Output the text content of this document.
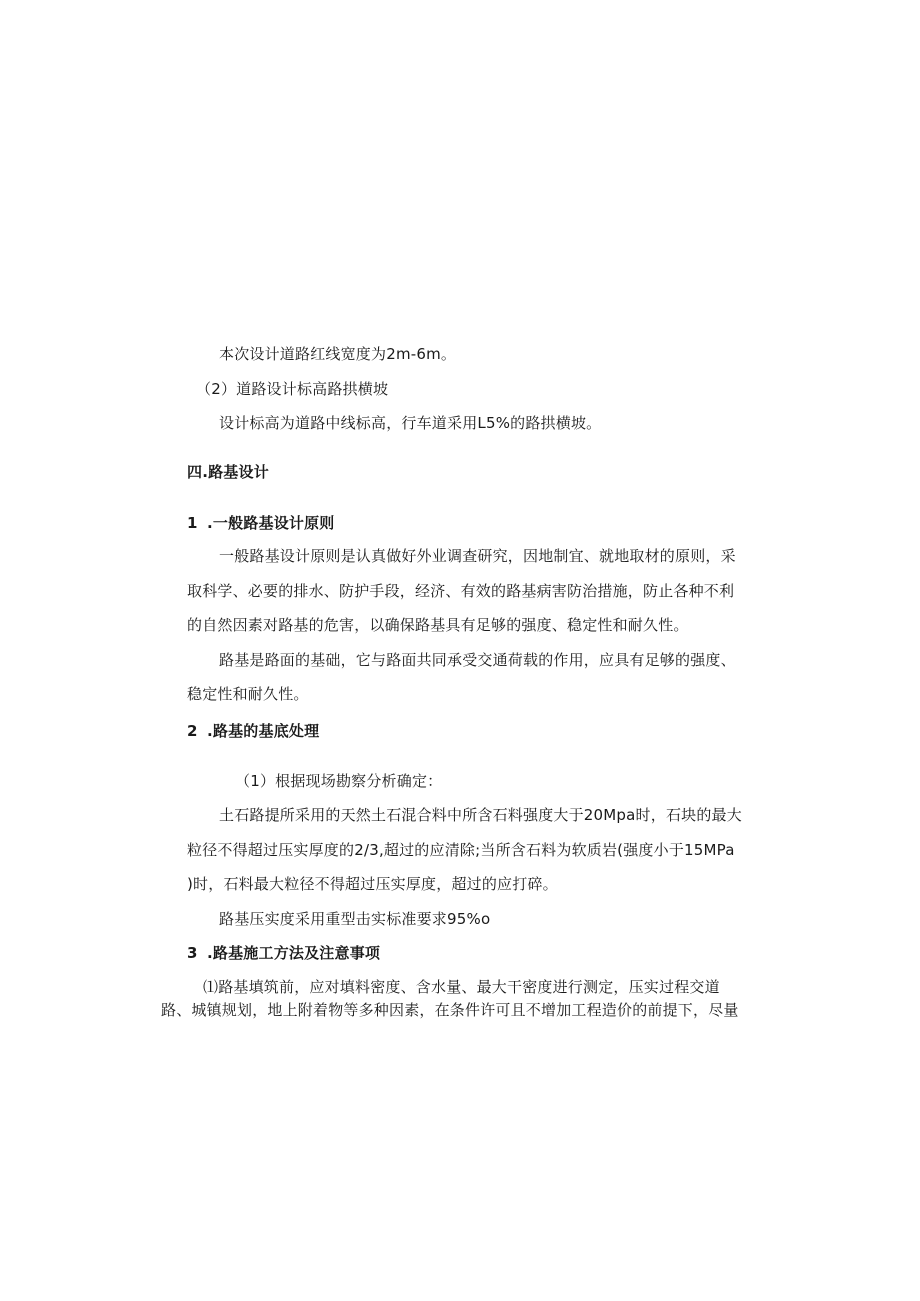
本次设计道路红线宽度为2m-6m。
（2）道路设计标高路拱横坡
设计标高为道路中线标高，行车道采用L5%的路拱横坡。
四.路基设计
1 .一般路基设计原则
一般路基设计原则是认真做好外业调查研究，因地制宜、就地取材的原则，采
取科学、必要的排水、防护手段，经济、有效的路基病害防治措施，防止各种不利
的自然因素对路基的危害，以确保路基具有足够的强度、稳定性和耐久性。
路基是路面的基础，它与路面共同承受交通荷载的作用，应具有足够的强度、
稳定性和耐久性。
2 .路基的基底处理
（1）根据现场勘察分析确定：
土石路提所采用的天然土石混合料中所含石料强度大于20Mpa时，石块的最大
粒径不得超过压实厚度的2/3,超过的应清除;当所含石料为软质岩(强度小于15MPa
)时，石料最大粒径不得超过压实厚度，超过的应打碎。
路基压实度采用重型击实标准要求95%o
3 .路基施工方法及注意事项
⑴路基填筑前，应对填料密度、含水量、最大干密度进行测定，压实过程交道
路、城镇规划，地上附着物等多种因素，在条件许可且不增加工程造价的前提下，尽量
